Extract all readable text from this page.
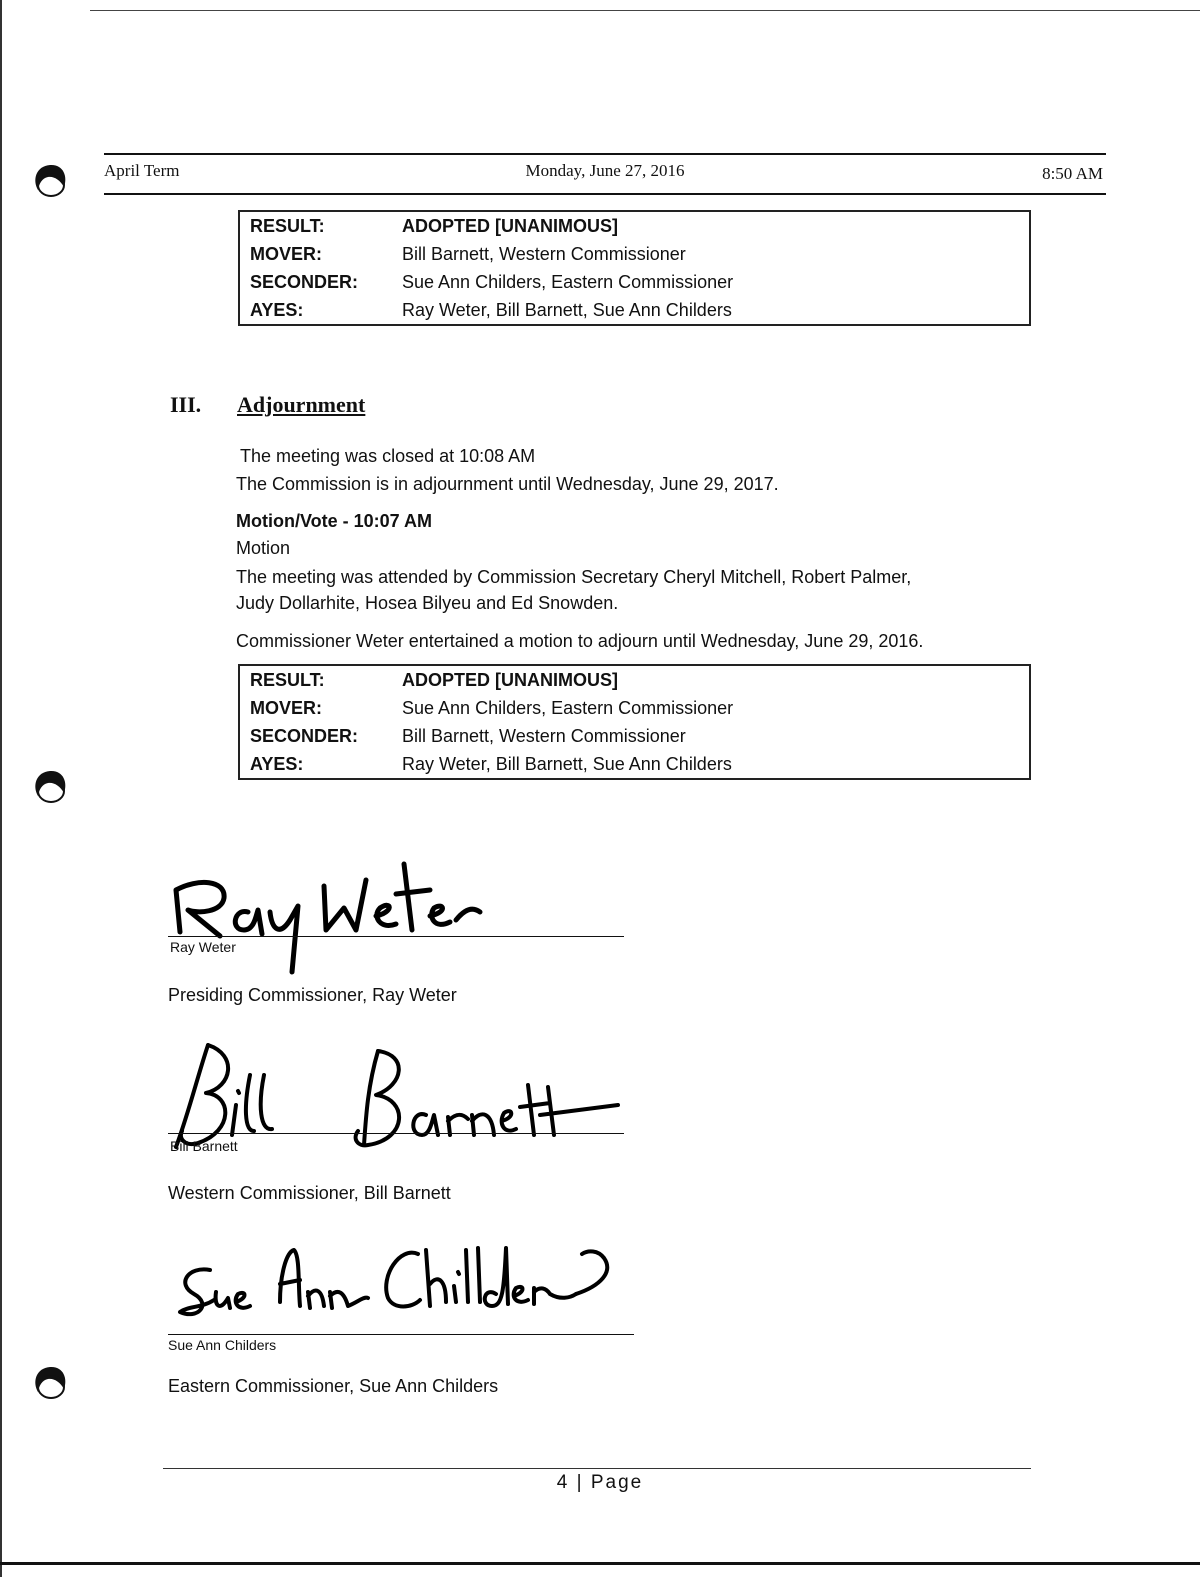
April Term	Monday, June 27, 2016	8:50 AM
RESULT:	ADOPTED [UNANIMOUS]
MOVER:	Bill Barnett, Western Commissioner
SECONDER:	Sue Ann Childers, Eastern Commissioner
AYES:	Ray Weter, Bill Barnett, Sue Ann Childers
III. Adjournment
The meeting was closed at 10:08 AM
The Commission is in adjournment until Wednesday, June 29, 2017.
Motion/Vote - 10:07 AM
Motion
The meeting was attended by Commission Secretary Cheryl Mitchell, Robert Palmer,
Judy Dollarhite, Hosea Bilyeu and Ed Snowden.
Commissioner Weter entertained a motion to adjourn until Wednesday, June 29, 2016.
RESULT:	ADOPTED [UNANIMOUS]
MOVER:	Sue Ann Childers, Eastern Commissioner
SECONDER:	Bill Barnett, Western Commissioner
AYES:	Ray Weter, Bill Barnett, Sue Ann Childers
Ray Weter
Presiding Commissioner, Ray Weter
Bill Barnett
Western Commissioner, Bill Barnett
Sue Ann Childers
Eastern Commissioner, Sue Ann Childers
4 | Page
